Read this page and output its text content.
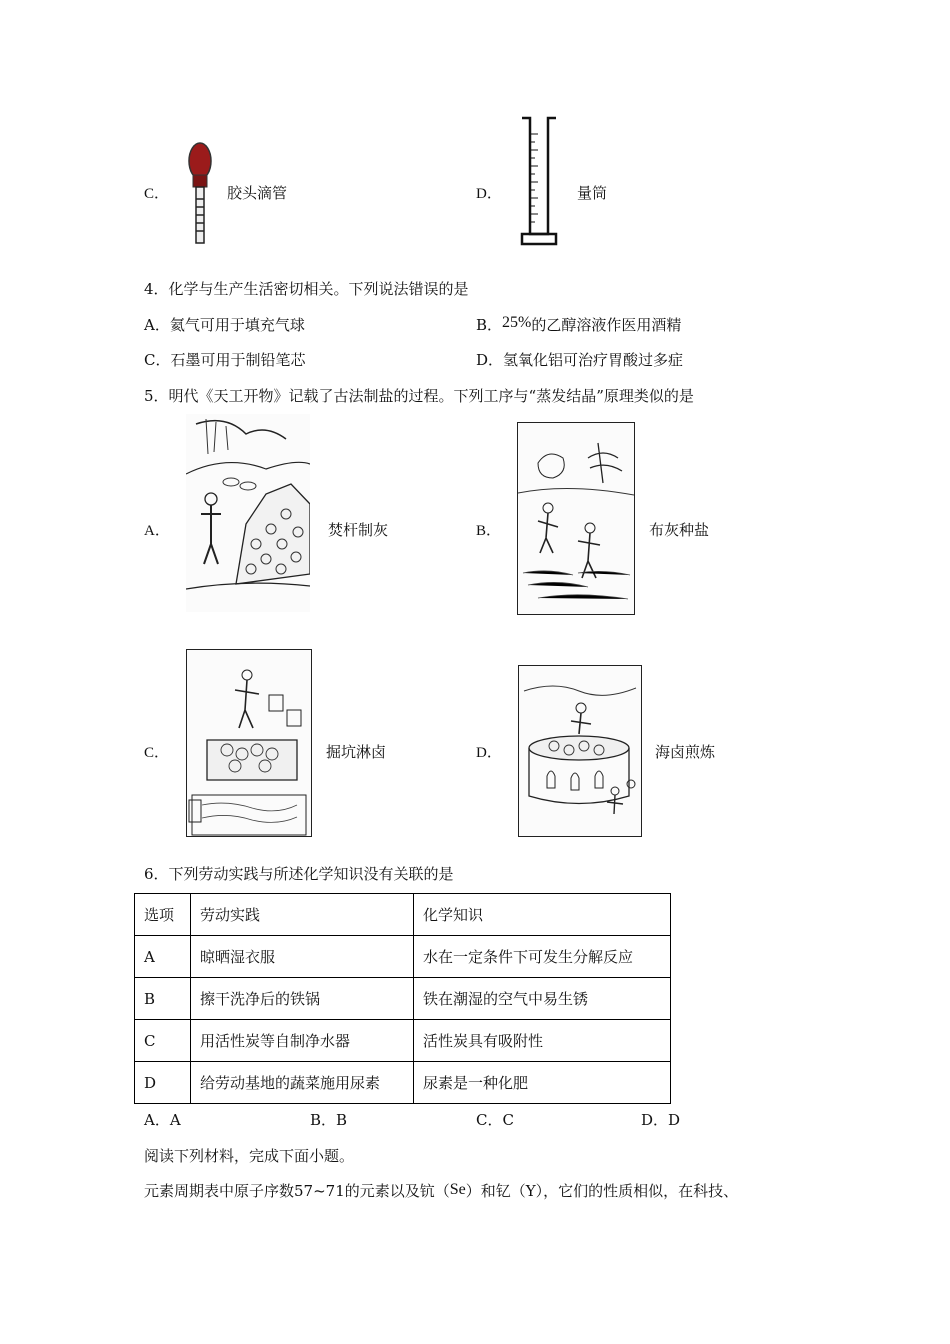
C．	胶头滴管	D．	量筒
4．化学与生产生活密切相关。下列说法错误的是
A．氦气可用于填充气球	B．25%的乙醇溶液作医用酒精
C．石墨可用于制铅笔芯	D．氢氧化铝可治疗胃酸过多症
5．明代《天工开物》记载了古法制盐的过程。下列工序与“蒸发结晶”原理类似的是
A．	焚杆制灰	B．	布灰种盐
C．	掘坑淋卤	D．	海卤煎炼
6．下列劳动实践与所述化学知识没有关联的是
选项	劳动实践	化学知识
A	晾晒湿衣服	水在一定条件下可发生分解反应
B	擦干洗净后的铁锅	铁在潮湿的空气中易生锈
C	用活性炭等自制净水器	活性炭具有吸附性
D	给劳动基地的蔬菜施用尿素	尿素是一种化肥
A．A	B．B	C．C	D．D
阅读下列材料，完成下面小题。
元素周期表中原子序数57~71的元素以及钪（Se）和钇（Y），它们的性质相似，在科技、
